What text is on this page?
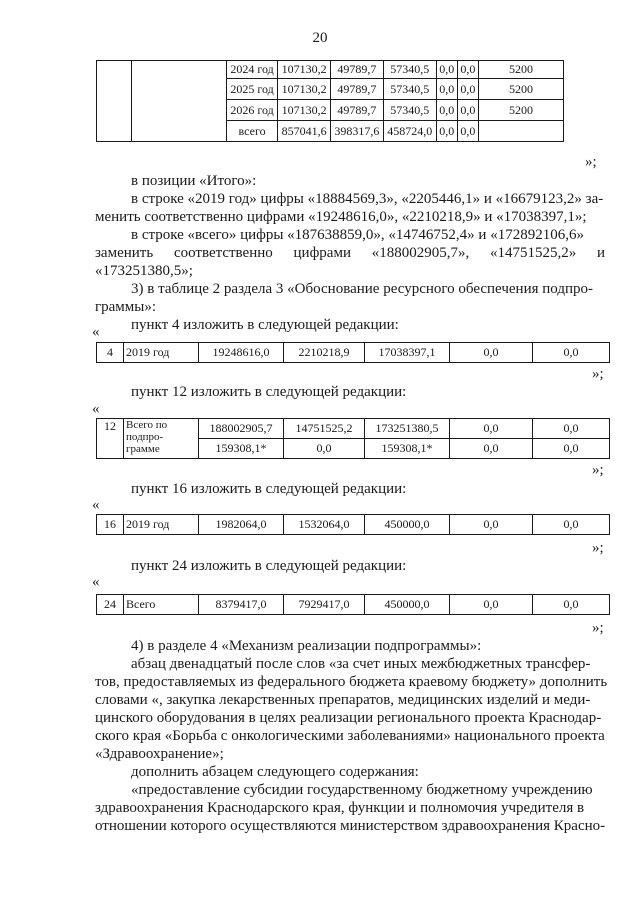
20
		2024 год	107130,2	49789,7	57340,5	0,0	0,0	5200
		2025 год	107130,2	49789,7	57340,5	0,0	0,0	5200
		2026 год	107130,2	49789,7	57340,5	0,0	0,0	5200
		всего	857041,6	398317,6	458724,0	0,0	0,0	
»;
в позиции «Итого»:
в строке «2019 год» цифры «18884569,3», «2205446,1» и «16679123,2» за-
менить соответственно цифрами «19248616,0», «2210218,9» и «17038397,1»;
в строке «всего» цифры «187638859,0», «14746752,4» и «172892106,6»
заменить соответственно цифрами «188002905,7», «14751525,2» и
«173251380,5»;
3) в таблице 2 раздела 3 «Обоснование ресурсного обеспечения подпро-
граммы»:
пункт 4 изложить в следующей редакции:
«
4	2019 год	19248616,0	2210218,9	17038397,1	0,0	0,0
»;
пункт 12 изложить в следующей редакции:
«
12	Всего по подпро-грамме	188002905,7	14751525,2	173251380,5	0,0	0,0
		159308,1*	0,0	159308,1*	0,0	0,0
»;
пункт 16 изложить в следующей редакции:
«
16	2019 год	1982064,0	1532064,0	450000,0	0,0	0,0
»;
пункт 24 изложить в следующей редакции:
«
24	Всего	8379417,0	7929417,0	450000,0	0,0	0,0
»;
4) в разделе 4 «Механизм реализации подпрограммы»:
абзац двенадцатый после слов «за счет иных межбюджетных трансфер-
тов, предоставляемых из федерального бюджета краевому бюджету» дополнить
словами «, закупка лекарственных препаратов, медицинских изделий и меди-
цинского оборудования в целях реализации регионального проекта Краснодар-
ского края «Борьба с онкологическими заболеваниями» национального проекта
«Здравоохранение»;
дополнить абзацем следующего содержания:
«предоставление субсидии государственному бюджетному учреждению
здравоохранения Краснодарского края, функции и полномочия учредителя в
отношении которого осуществляются министерством здравоохранения Красно-
